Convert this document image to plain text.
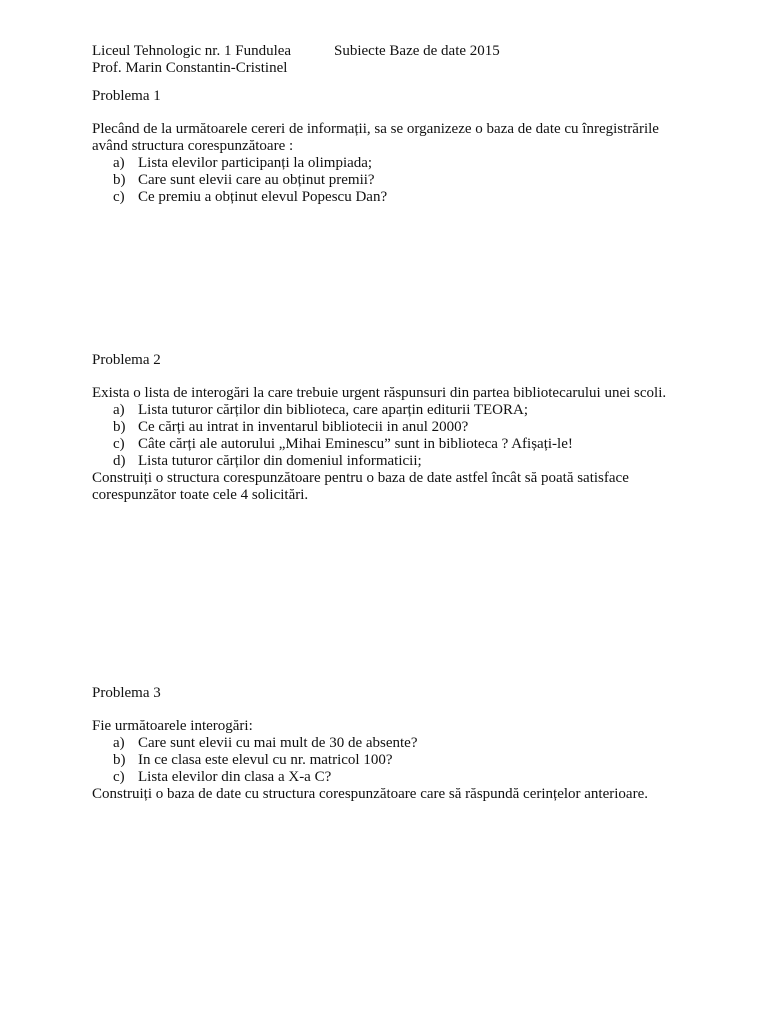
Liceul Tehnologic nr. 1 Fundulea	Subiecte Baze de date 2015
Prof. Marin Constantin-Cristinel
Problema 1

Plecând de la următoarele cereri de informații, sa se organizeze o baza de date cu înregistrările având structura corespunzătoare :

a) Lista elevilor participanți la olimpiada;
b) Care sunt elevii care au obținut premii?
c) Ce premiu a obținut elevul Popescu Dan?
Problema 2

Exista o lista de interogări la care trebuie urgent răspunsuri din partea bibliotecarului unei scoli.

a) Lista tuturor cărților din biblioteca, care aparțin editurii TEORA;
b) Ce cărți au intrat in inventarul bibliotecii in anul 2000?
c) Câte cărți ale autorului „Mihai Eminescu” sunt in biblioteca ? Afișați-le!
d) Lista tuturor cărților din domeniul informaticii;

Construiți o structura corespunzătoare pentru o baza de date astfel încât să poată satisface corespunzător toate cele 4 solicitări.

Problema 3

Fie următoarele interogări:

a) Care sunt elevii cu mai mult de 30 de absente?
b) In ce clasa este elevul cu nr. matricol 100?
c) Lista elevilor din clasa a X-a C?

Construiți o baza de date cu structura corespunzătoare care să răspundă cerințelor anterioare.
